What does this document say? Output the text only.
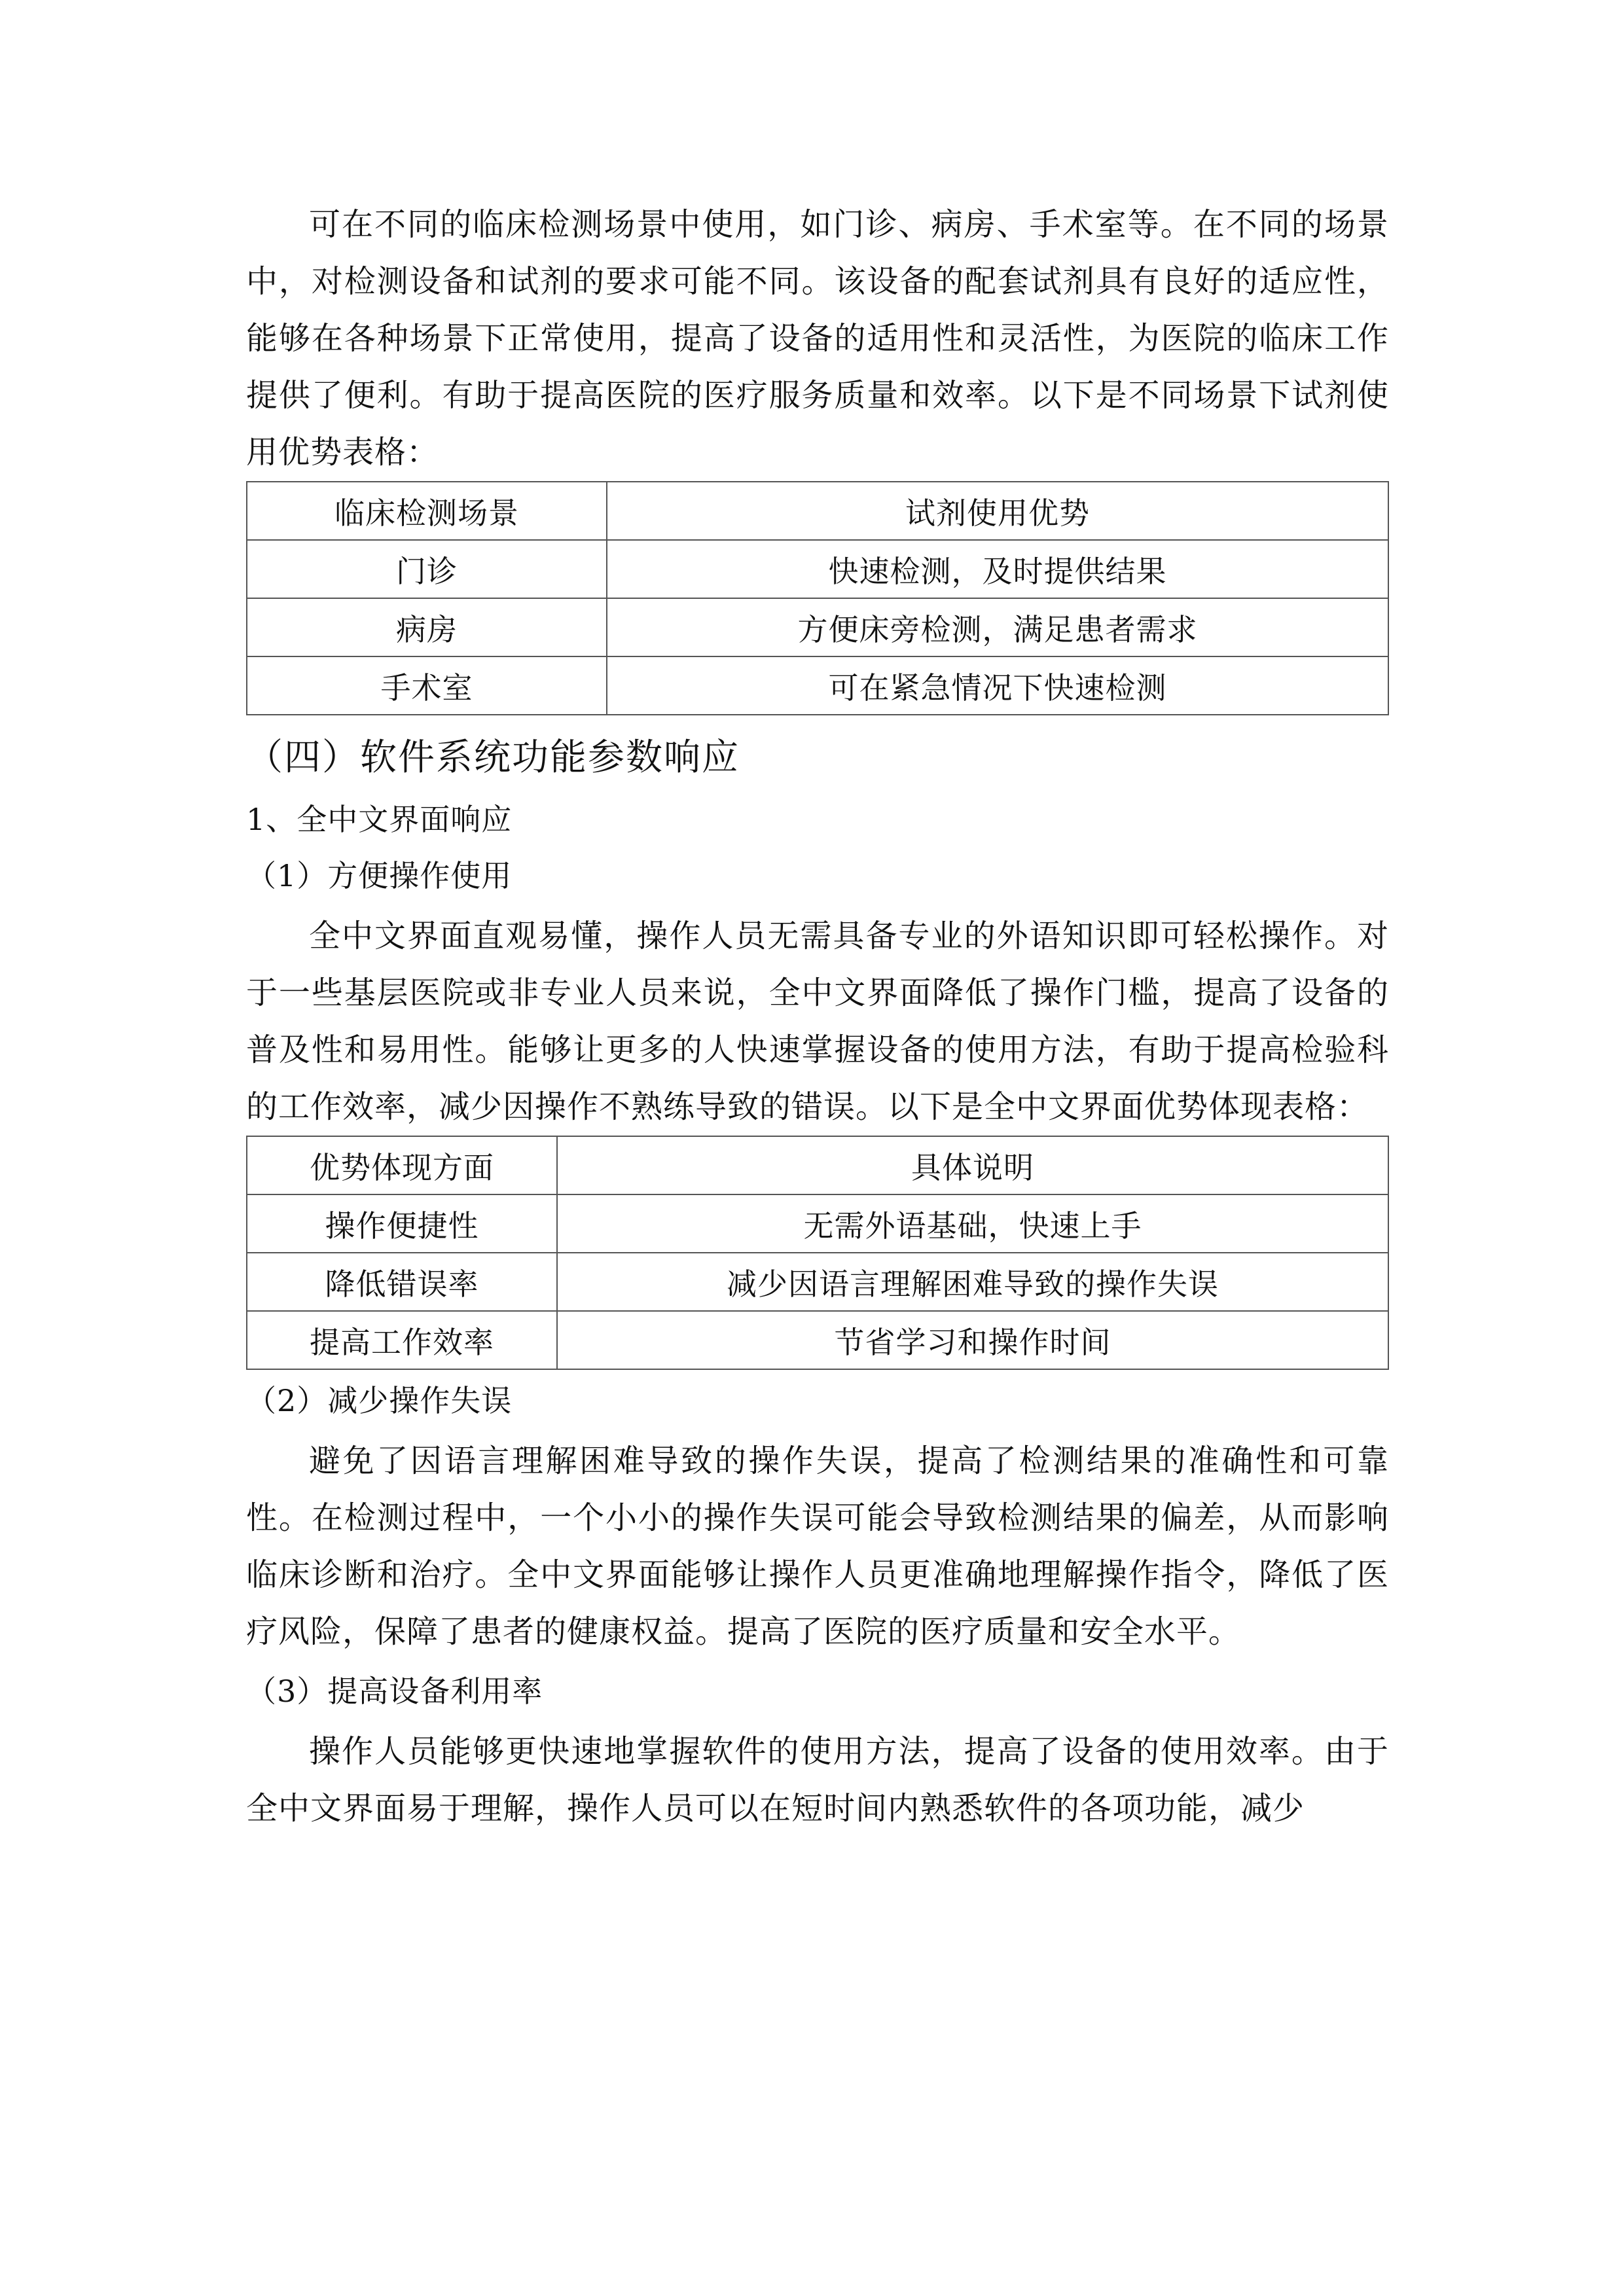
可在不同的临床检测场景中使用，如门诊、病房、手术室等。在不同的场景中，对检测设备和试剂的要求可能不同。该设备的配套试剂具有良好的适应性，能够在各种场景下正常使用，提高了设备的适用性和灵活性，为医院的临床工作提供了便利。有助于提高医院的医疗服务质量和效率。以下是不同场景下试剂使用优势表格：

临床检测场景	试剂使用优势
门诊	快速检测，及时提供结果
病房	方便床旁检测，满足患者需求
手术室	可在紧急情况下快速检测

（四）软件系统功能参数响应

1、全中文界面响应

（1）方便操作使用

全中文界面直观易懂，操作人员无需具备专业的外语知识即可轻松操作。对于一些基层医院或非专业人员来说，全中文界面降低了操作门槛，提高了设备的普及性和易用性。能够让更多的人快速掌握设备的使用方法，有助于提高检验科的工作效率，减少因操作不熟练导致的错误。以下是全中文界面优势体现表格：

优势体现方面	具体说明
操作便捷性	无需外语基础，快速上手
降低错误率	减少因语言理解困难导致的操作失误
提高工作效率	节省学习和操作时间

（2）减少操作失误

避免了因语言理解困难导致的操作失误，提高了检测结果的准确性和可靠性。在检测过程中，一个小小的操作失误可能会导致检测结果的偏差，从而影响临床诊断和治疗。全中文界面能够让操作人员更准确地理解操作指令，降低了医疗风险，保障了患者的健康权益。提高了医院的医疗质量和安全水平。

（3）提高设备利用率

操作人员能够更快速地掌握软件的使用方法，提高了设备的使用效率。由于全中文界面易于理解，操作人员可以在短时间内熟悉软件的各项功能，减少
